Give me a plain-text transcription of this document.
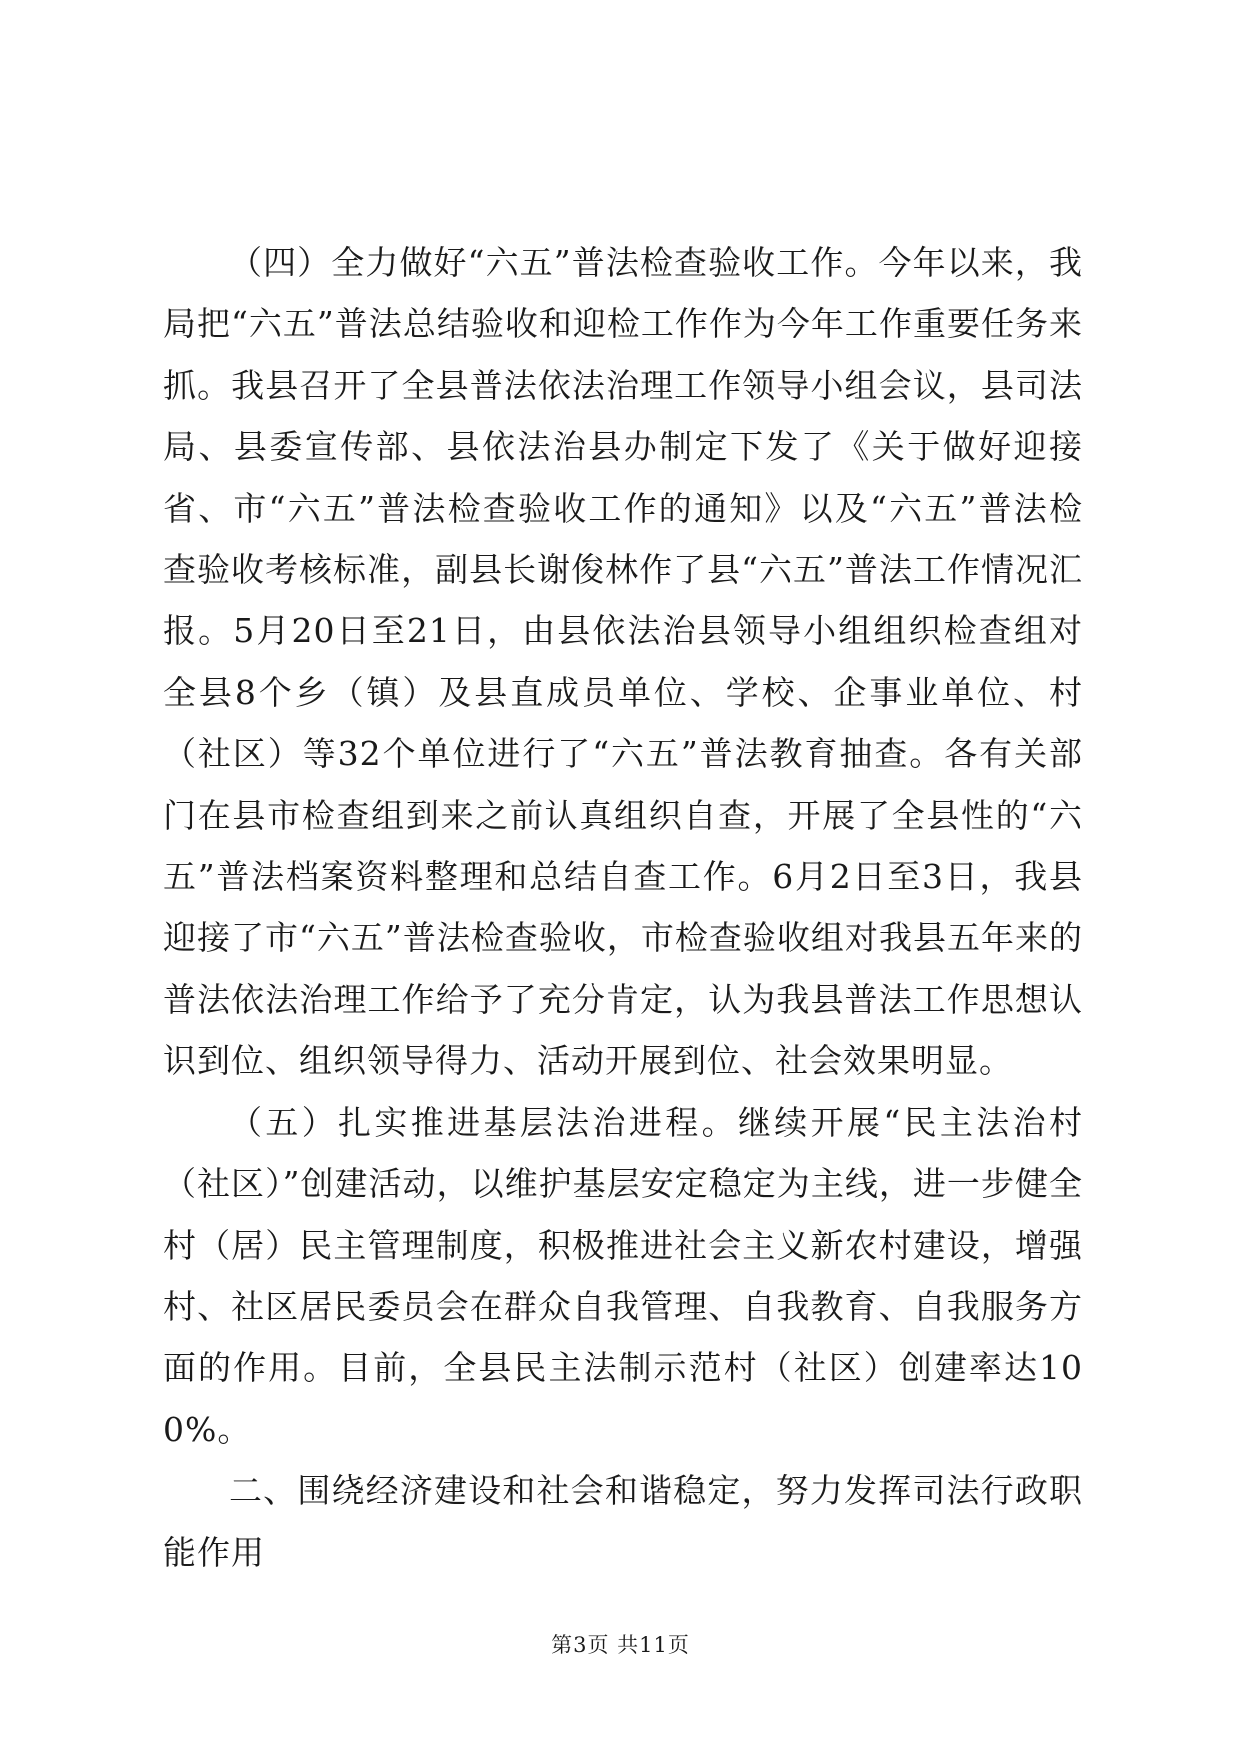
（四）全力做好“六五”普法检查验收工作。今年以来，我局把“六五”普法总结验收和迎检工作作为今年工作重要任务来抓。我县召开了全县普法依法治理工作领导小组会议，县司法局、县委宣传部、县依法治县办制定下发了《关于做好迎接省、市“六五”普法检查验收工作的通知》以及“六五”普法检查验收考核标准，副县长谢俊林作了县“六五”普法工作情况汇报。5月20日至21日，由县依法治县领导小组组织检查组对全县8个乡（镇）及县直成员单位、学校、企事业单位、村（社区）等32个单位进行了“六五”普法教育抽查。各有关部门在县市检查组到来之前认真组织自查，开展了全县性的“六五”普法档案资料整理和总结自查工作。6月2日至3日，我县迎接了市“六五”普法检查验收，市检查验收组对我县五年来的普法依法治理工作给予了充分肯定，认为我县普法工作思想认识到位、组织领导得力、活动开展到位、社会效果明显。

（五）扎实推进基层法治进程。继续开展“民主法治村（社区）”创建活动，以维护基层安定稳定为主线，进一步健全村（居）民主管理制度，积极推进社会主义新农村建设，增强村、社区居民委员会在群众自我管理、自我教育、自我服务方面的作用。目前，全县民主法制示范村（社区）创建率达100%。

二、围绕经济建设和社会和谐稳定，努力发挥司法行政职能作用

第3页 共11页
